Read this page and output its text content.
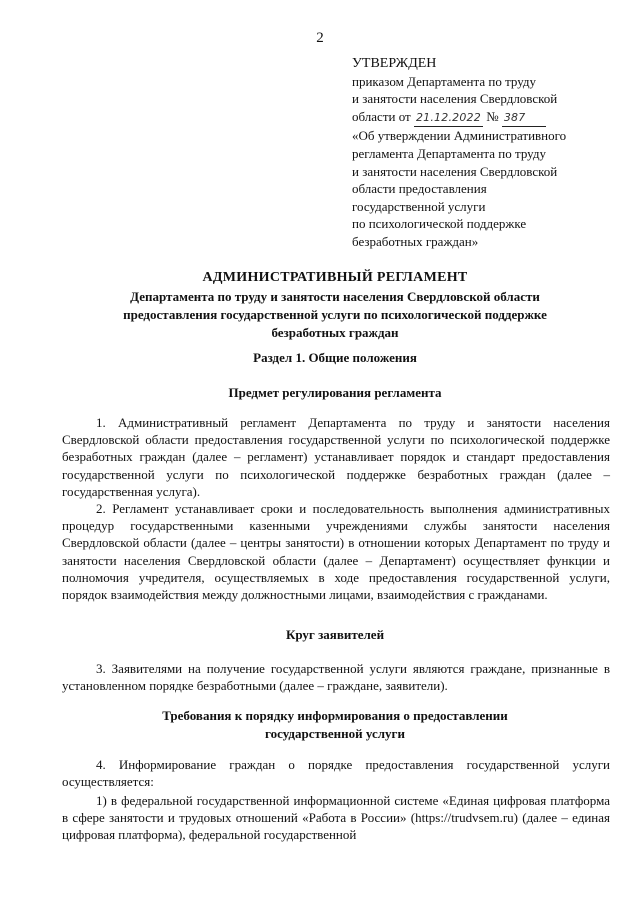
2
УТВЕРЖДЕН
приказом Департамента по труду
и занятости населения Свердловской
области от 21.12.2022 № 387
«Об утверждении Административного
регламента Департамента по труду
и занятости населения Свердловской
области предоставления
государственной услуги
по психологической поддержке
безработных граждан»
АДМИНИСТРАТИВНЫЙ РЕГЛАМЕНТ
Департамента по труду и занятости населения Свердловской области
предоставления государственной услуги по психологической поддержке
безработных граждан
Раздел 1. Общие положения
Предмет регулирования регламента
1. Административный регламент Департамента по труду и занятости населения Свердловской области предоставления государственной услуги по психологической поддержке безработных граждан (далее – регламент) устанавливает порядок и стандарт предоставления государственной услуги по психологической поддержке безработных граждан (далее – государственная услуга).
2. Регламент устанавливает сроки и последовательность выполнения административных процедур государственными казенными учреждениями службы занятости населения Свердловской области (далее – центры занятости) в отношении которых Департамент по труду и занятости населения Свердловской области (далее – Департамент) осуществляет функции и полномочия учредителя, осуществляемых в ходе предоставления государственной услуги, порядок взаимодействия между должностными лицами, взаимодействия с гражданами.
Круг заявителей
3. Заявителями на получение государственной услуги являются граждане, признанные в установленном порядке безработными (далее – граждане, заявители).
Требования к порядку информирования о предоставлении
государственной услуги
4. Информирование граждан о порядке предоставления государственной услуги осуществляется:
1) в федеральной государственной информационной системе «Единая цифровая платформа в сфере занятости и трудовых отношений «Работа в России» (https://trudvsem.ru) (далее – единая цифровая платформа), федеральной государственной
